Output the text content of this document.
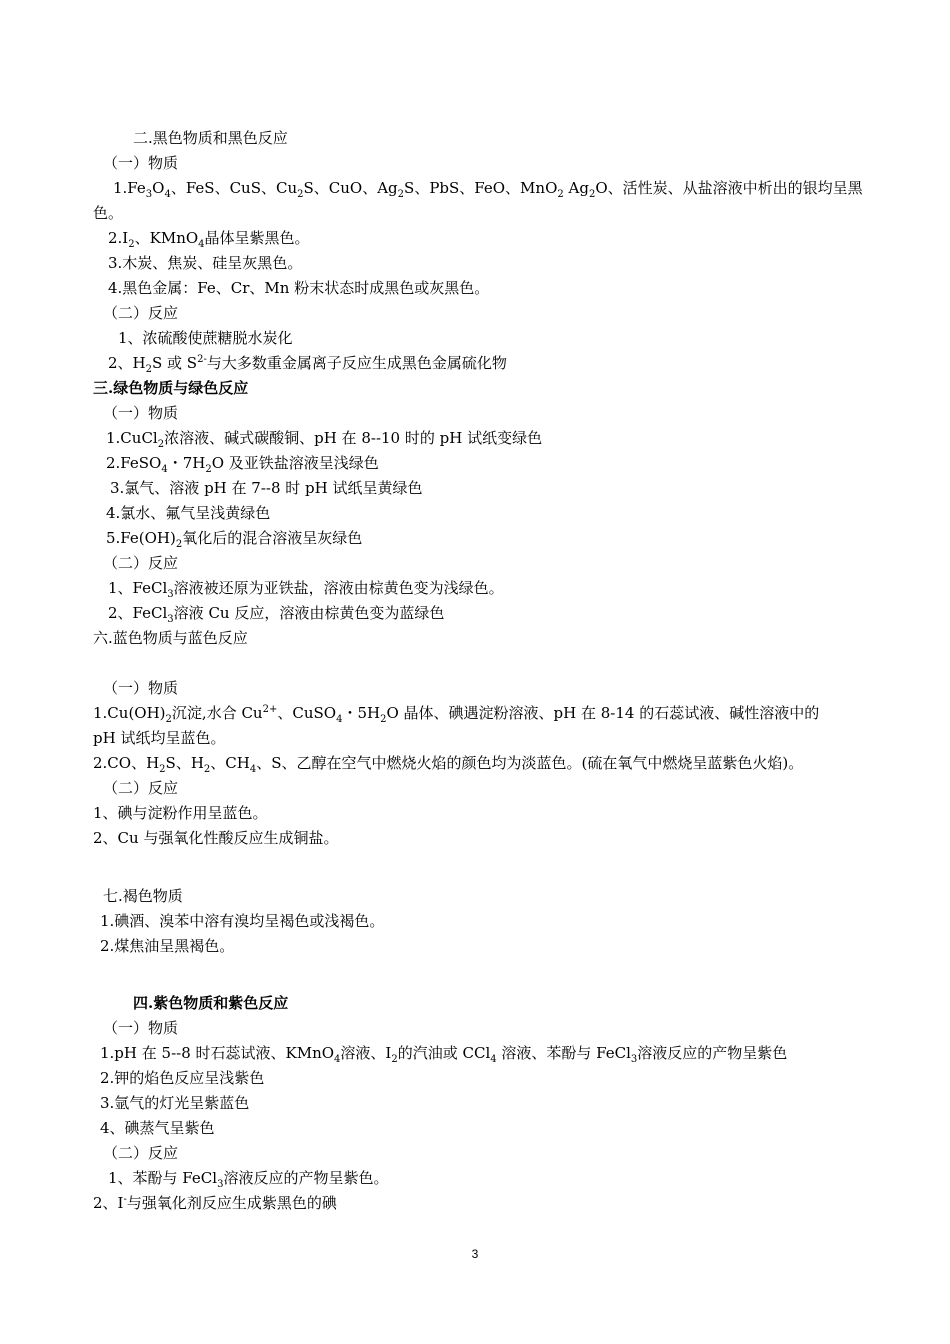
二.黑色物质和黑色反应
（一）物质
$1.Fe_3O_4$、FeS、CuS、$Cu_2S$、CuO、$Ag_2S$、PbS、FeO、MnO$_2$ $Ag_2O$、活性炭、从盐溶液中析出的银均呈黑
色。
$2.I_2$、KMnO$_4$晶体呈紫黑色。
3.木炭、焦炭、硅呈灰黑色。
4.黑色金属：Fe、Cr、Mn 粉末状态时成黑色或灰黑色。
（二）反应
1、浓硫酸使蔗糖脱水炭化
2、$H_2S$ 或 $S^{2-}$与大多数重金属离子反应生成黑色金属硫化物
三.绿色物质与绿色反应
（一）物质
1.CuCl$_2$浓溶液、碱式碳酸铜、pH 在 8--10 时的 pH 试纸变绿色
2.FeSO$_4$・$7H_2O$ 及亚铁盐溶液呈浅绿色
3.氯气、溶液 pH 在 7--8 时 pH 试纸呈黄绿色
4.氯水、氟气呈浅黄绿色
$5.Fe(OH)_2$氧化后的混合溶液呈灰绿色
（二）反应
1、FeCl$_3$溶液被还原为亚铁盐，溶液由棕黄色变为浅绿色。
2、FeCl$_3$溶液 Cu 反应，溶液由棕黄色变为蓝绿色
六.蓝色物质与蓝色反应
（一）物质
$1.Cu(OH)_2$沉淀,水合 $Cu^{2+}$、CuSO$_4$・$5H_2O$ 晶体、碘遇淀粉溶液、pH 在 8-14 的石蕊试液、碱性溶液中的
pH 试纸均呈蓝色。
2.CO、$H_2S$、$H_2$、$CH_4$、S、乙醇在空气中燃烧火焰的颜色均为淡蓝色。(硫在氧气中燃烧呈蓝紫色火焰)。
（二）反应
1、碘与淀粉作用呈蓝色。
2、Cu 与强氧化性酸反应生成铜盐。
七.褐色物质
1.碘酒、溴苯中溶有溴均呈褐色或浅褐色。
2.煤焦油呈黑褐色。
四.紫色物质和紫色反应
（一）物质
1.pH 在 5--8 时石蕊试液、KMnO$_4$溶液、$I_2$的汽油或 CCl$_4$ 溶液、苯酚与 FeCl$_3$溶液反应的产物呈紫色
2.钾的焰色反应呈浅紫色
3.氩气的灯光呈紫蓝色
4、碘蒸气呈紫色
（二）反应
1、苯酚与 FeCl$_3$溶液反应的产物呈紫色。
2、I-与强氧化剂反应生成紫黑色的碘
3
